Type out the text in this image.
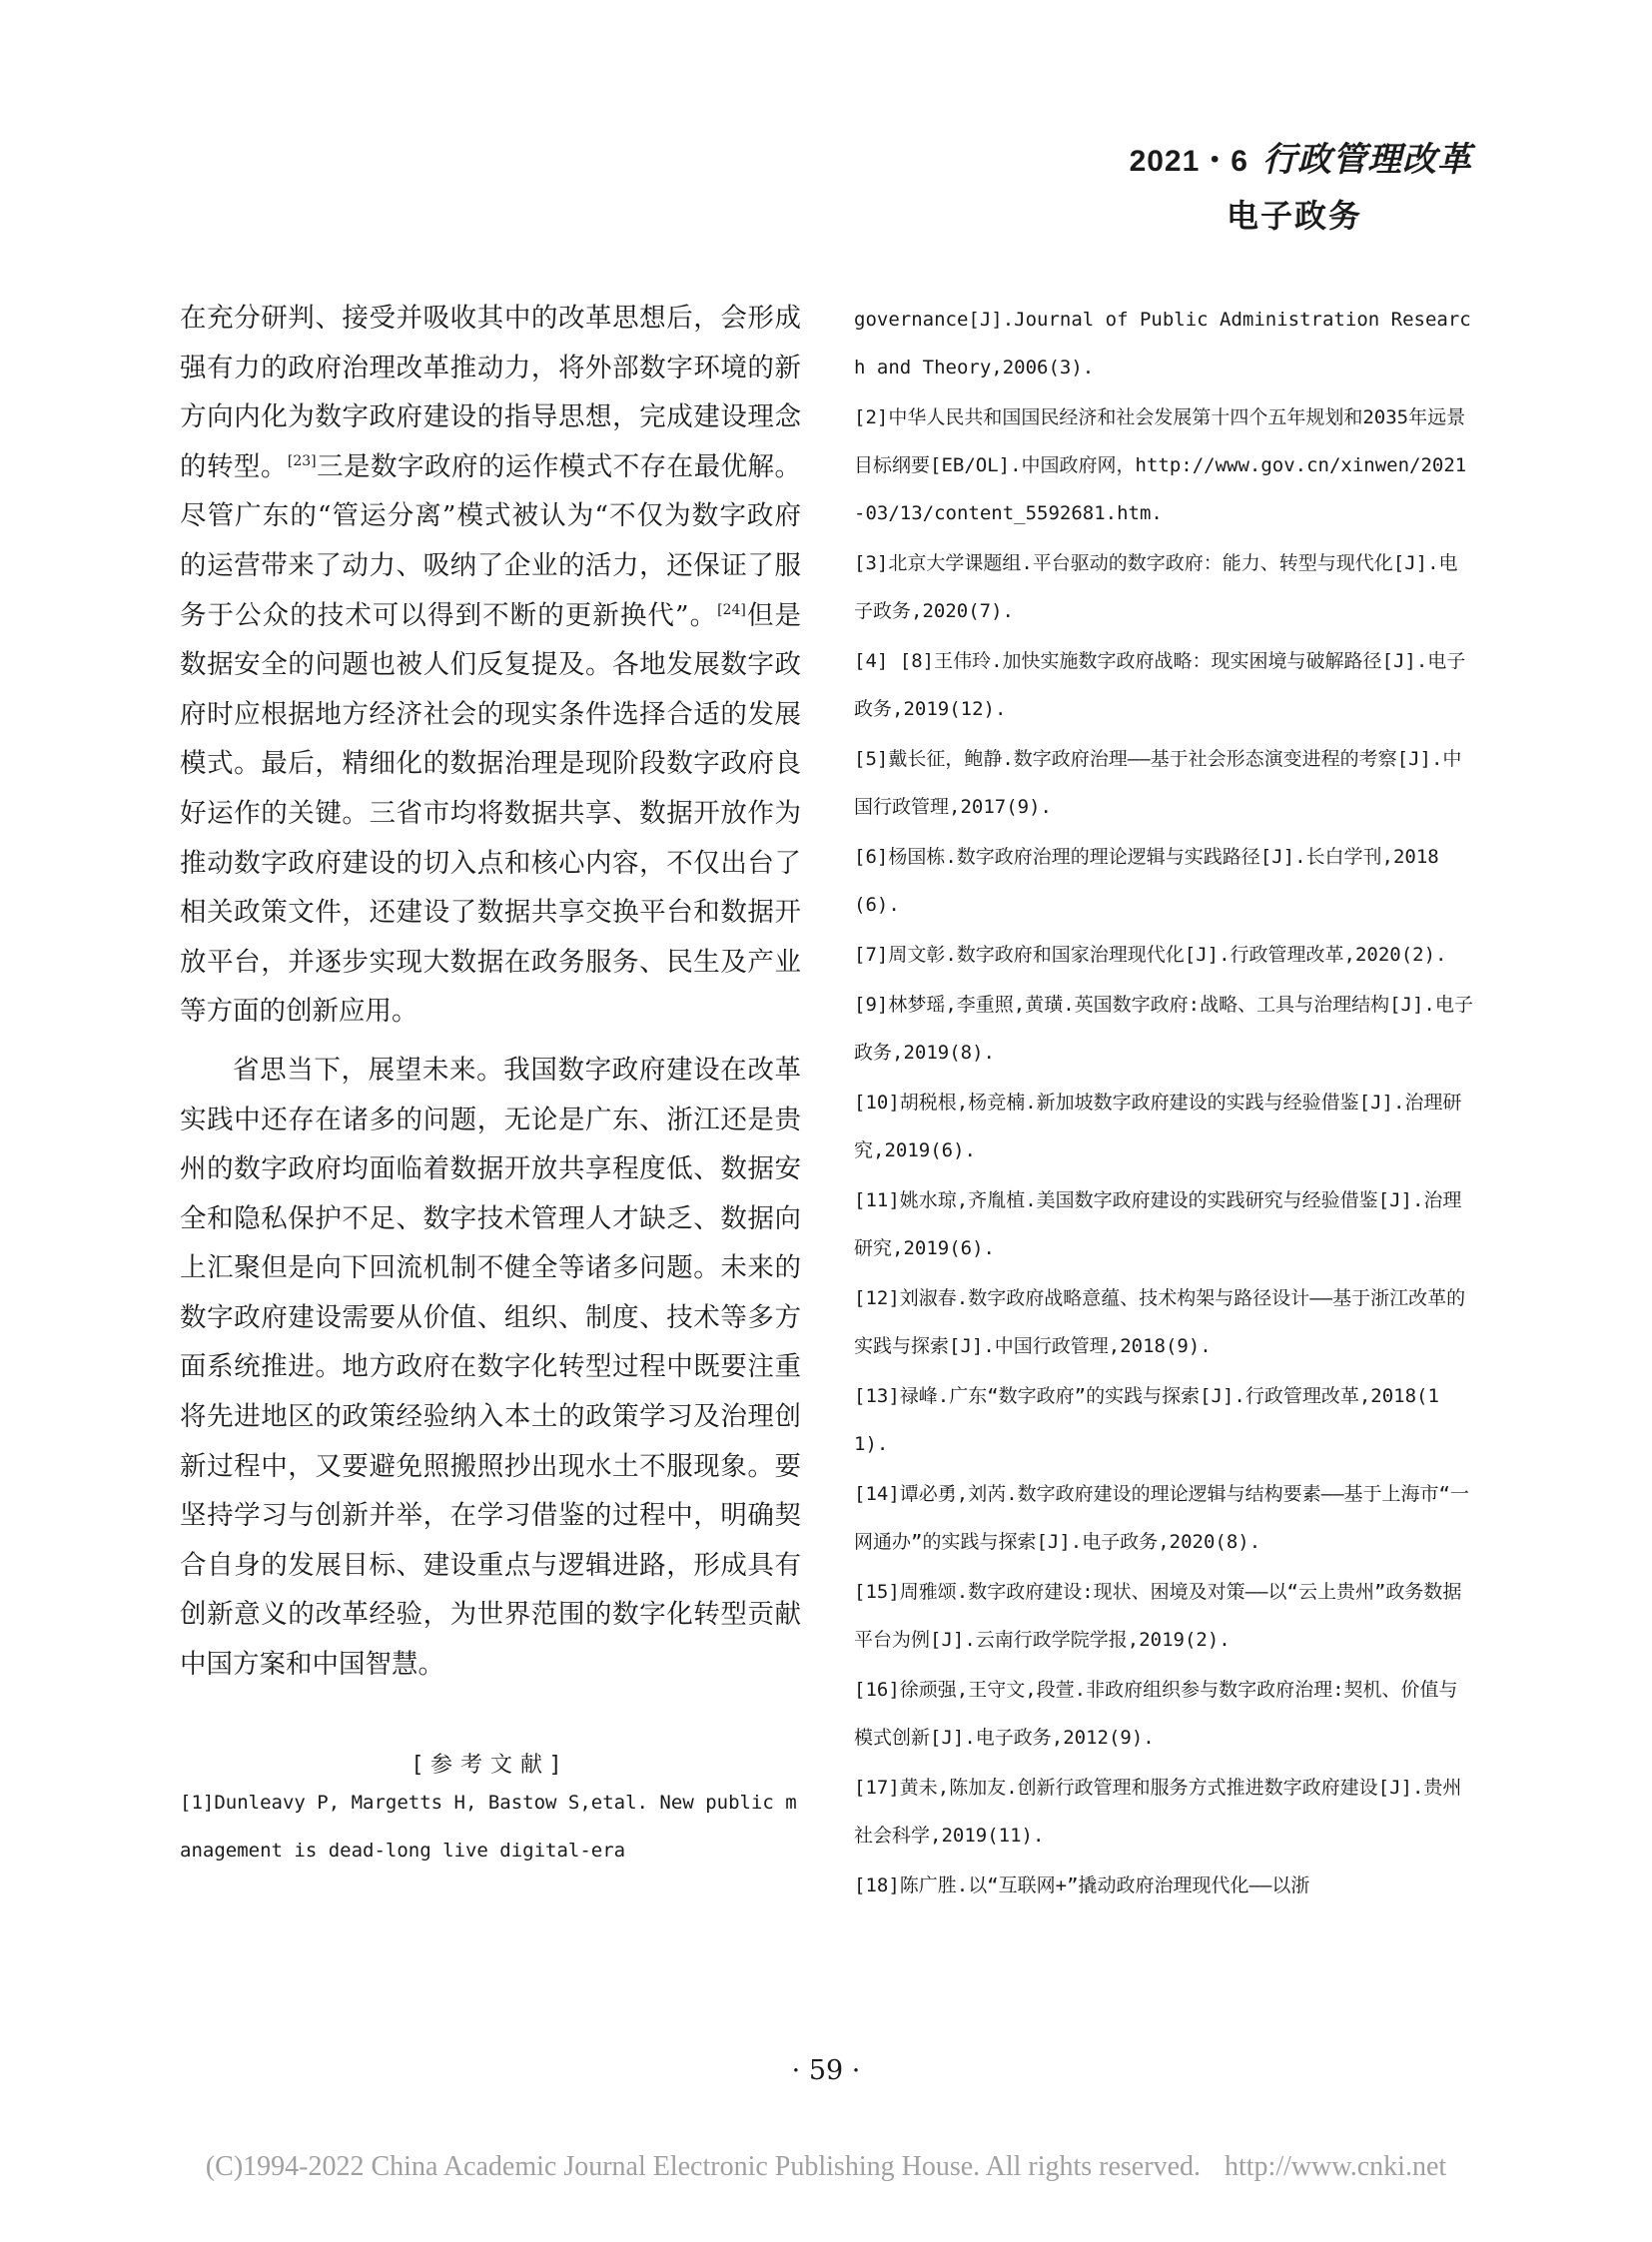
2021・6 行政管理改革
电子政务

在充分研判、接受并吸收其中的改革思想后，会形成强有力的政府治理改革推动力，将外部数字环境的新方向内化为数字政府建设的指导思想，完成建设理念的转型。[23]三是数字政府的运作模式不存在最优解。尽管广东的“管运分离”模式被认为“不仅为数字政府的运营带来了动力、吸纳了企业的活力，还保证了服务于公众的技术可以得到不断的更新换代”。[24]但是数据安全的问题也被人们反复提及。各地发展数字政府时应根据地方经济社会的现实条件选择合适的发展模式。最后，精细化的数据治理是现阶段数字政府良好运作的关键。三省市均将数据共享、数据开放作为推动数字政府建设的切入点和核心内容，不仅出台了相关政策文件，还建设了数据共享交换平台和数据开放平台，并逐步实现大数据在政务服务、民生及产业等方面的创新应用。

省思当下，展望未来。我国数字政府建设在改革实践中还存在诸多的问题，无论是广东、浙江还是贵州的数字政府均面临着数据开放共享程度低、数据安全和隐私保护不足、数字技术管理人才缺乏、数据向上汇聚但是向下回流机制不健全等诸多问题。未来的数字政府建设需要从价值、组织、制度、技术等多方面系统推进。地方政府在数字化转型过程中既要注重将先进地区的政策经验纳入本土的政策学习及治理创新过程中，又要避免照搬照抄出现水土不服现象。要坚持学习与创新并举，在学习借鉴的过程中，明确契合自身的发展目标、建设重点与逻辑进路，形成具有创新意义的改革经验，为世界范围的数字化转型贡献中国方案和中国智慧。

[参考文献]

[1]Dunleavy P, Margetts H, Bastow S,etal. New public management is dead-long live digital-era

governance[J].Journal of Public Administration Research and Theory,2006(3).

[2]中华人民共和国国民经济和社会发展第十四个五年规划和2035年远景目标纲要[EB/OL].中国政府网，http://www.gov.cn/xinwen/2021-03/13/content_5592681.htm.

[3]北京大学课题组.平台驱动的数字政府：能力、转型与现代化[J].电子政务,2020(7).

[4] [8]王伟玲.加快实施数字政府战略：现实困境与破解路径[J].电子政务,2019(12).

[5]戴长征，鲍静.数字政府治理——基于社会形态演变进程的考察[J].中国行政管理,2017(9).

[6]杨国栋.数字政府治理的理论逻辑与实践路径[J].长白学刊,2018(6).

[7]周文彰.数字政府和国家治理现代化[J].行政管理改革,2020(2).

[9]林梦瑶,李重照,黄璜.英国数字政府:战略、工具与治理结构[J].电子政务,2019(8).

[10]胡税根,杨竞楠.新加坡数字政府建设的实践与经验借鉴[J].治理研究,2019(6).

[11]姚水琼,齐胤植.美国数字政府建设的实践研究与经验借鉴[J].治理研究,2019(6).

[12]刘淑春.数字政府战略意蕴、技术构架与路径设计——基于浙江改革的实践与探索[J].中国行政管理,2018(9).

[13]禄峰.广东“数字政府”的实践与探索[J].行政管理改革,2018(11).

[14]谭必勇,刘芮.数字政府建设的理论逻辑与结构要素——基于上海市“一网通办”的实践与探索[J].电子政务,2020(8).

[15]周雅颂.数字政府建设:现状、困境及对策——以“云上贵州”政务数据平台为例[J].云南行政学院学报,2019(2).

[16]徐顽强,王守文,段萱.非政府组织参与数字政府治理:契机、价值与模式创新[J].电子政务,2012(9).

[17]黄未,陈加友.创新行政管理和服务方式推进数字政府建设[J].贵州社会科学,2019(11).

[18]陈广胜.以“互联网+”撬动政府治理现代化——以浙

· 59 ·
(C)1994-2022 China Academic Journal Electronic Publishing House. All rights reserved. http://www.cnki.net
